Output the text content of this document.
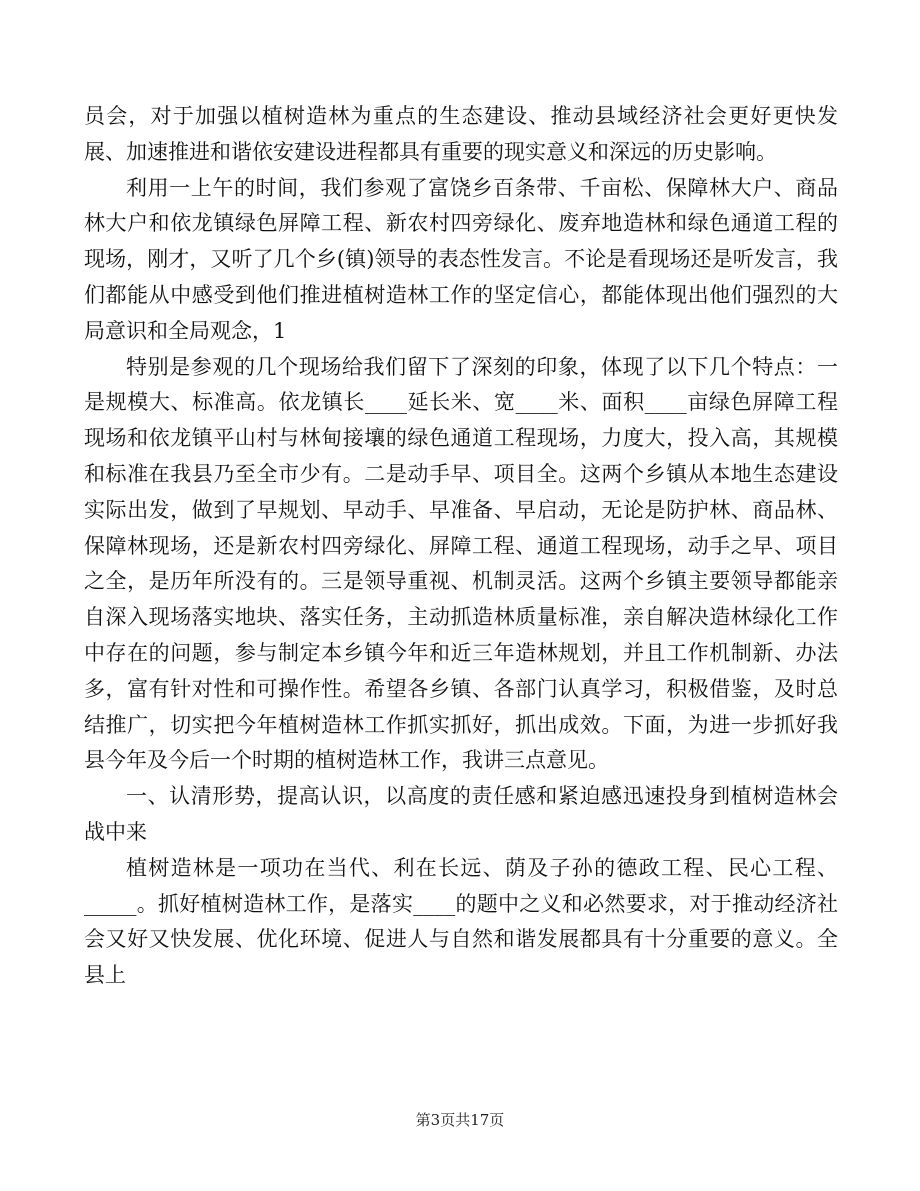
员会，对于加强以植树造林为重点的生态建设、推动县域经济社会更好更快发展、加速推进和谐依安建设进程都具有重要的现实意义和深远的历史影响。

利用一上午的时间，我们参观了富饶乡百条带、千亩松、保障林大户、商品林大户和依龙镇绿色屏障工程、新农村四旁绿化、废弃地造林和绿色通道工程的现场，刚才，又听了几个乡(镇)领导的表态性发言。不论是看现场还是听发言，我们都能从中感受到他们推进植树造林工作的坚定信心，都能体现出他们强烈的大局意识和全局观念，1

特别是参观的几个现场给我们留下了深刻的印象，体现了以下几个特点：一是规模大、标准高。依龙镇长____延长米、宽____米、面积____亩绿色屏障工程现场和依龙镇平山村与林甸接壤的绿色通道工程现场，力度大，投入高，其规模和标准在我县乃至全市少有。二是动手早、项目全。这两个乡镇从本地生态建设实际出发，做到了早规划、早动手、早准备、早启动，无论是防护林、商品林、保障林现场，还是新农村四旁绿化、屏障工程、通道工程现场，动手之早、项目之全，是历年所没有的。三是领导重视、机制灵活。这两个乡镇主要领导都能亲自深入现场落实地块、落实任务，主动抓造林质量标准，亲自解决造林绿化工作中存在的问题，参与制定本乡镇今年和近三年造林规划，并且工作机制新、办法多，富有针对性和可操作性。希望各乡镇、各部门认真学习，积极借鉴，及时总结推广，切实把今年植树造林工作抓实抓好，抓出成效。下面，为进一步抓好我县今年及今后一个时期的植树造林工作，我讲三点意见。

一、认清形势，提高认识，以高度的责任感和紧迫感迅速投身到植树造林会战中来

植树造林是一项功在当代、利在长远、荫及子孙的德政工程、民心工程、_____。抓好植树造林工作，是落实____的题中之义和必然要求，对于推动经济社会又好又快发展、优化环境、促进人与自然和谐发展都具有十分重要的意义。全县上

第3页共17页
